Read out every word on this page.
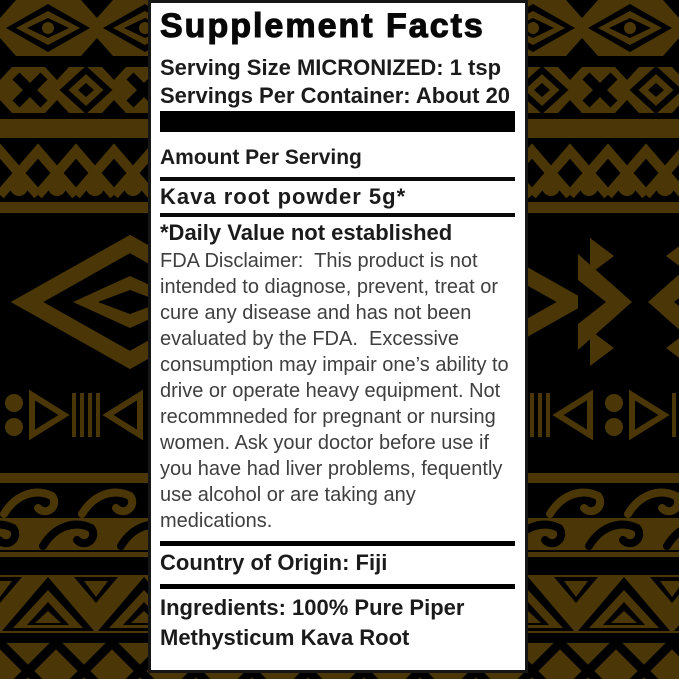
Supplement Facts
Serving Size MICRONIZED: 1 tsp
Servings Per Container: About 20
Amount Per Serving
Kava root powder 5g*
*Daily Value not established
FDA Disclaimer:  This product is not
intended to diagnose, prevent, treat or
cure any disease and has not been
evaluated by the FDA.  Excessive
consumption may impair one’s ability to
drive or operate heavy equipment. Not
recommneded for pregnant or nursing
women. Ask your doctor before use if
you have had liver problems, fequently
use alcohol or are taking any
medications.
Country of Origin: Fiji
Ingredients: 100% Pure Piper
Methysticum Kava Root
